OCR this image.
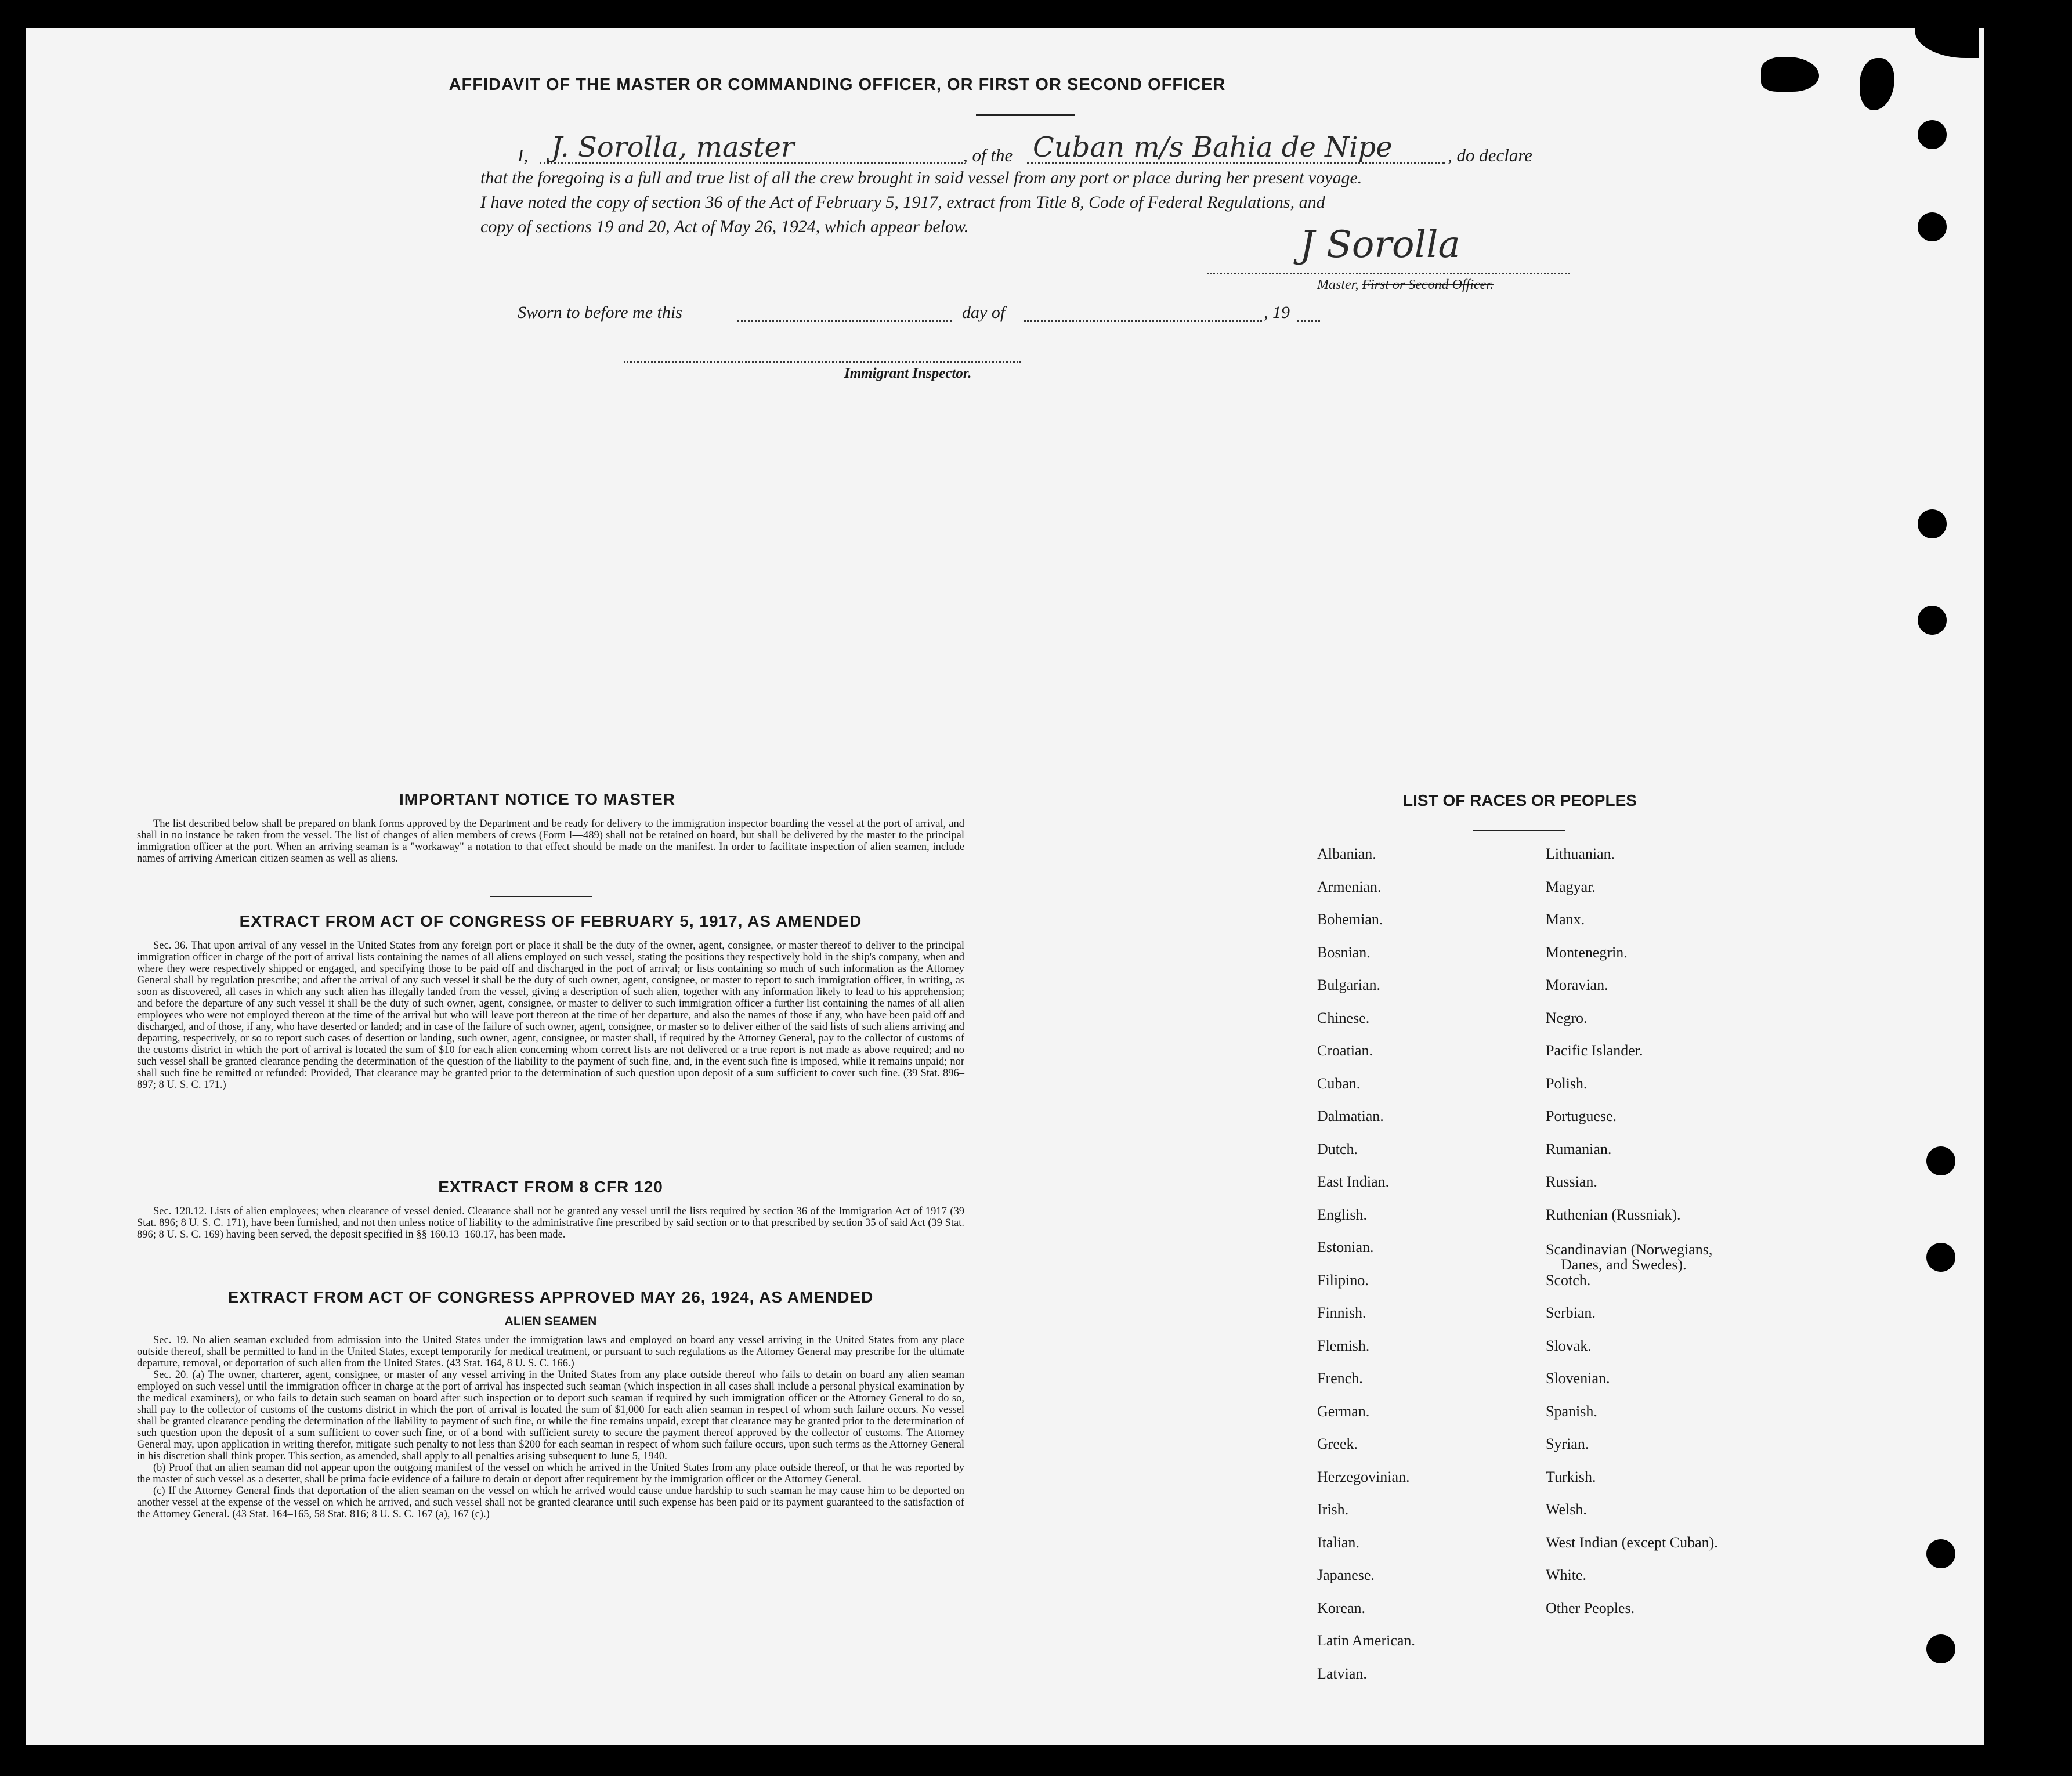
AFFIDAVIT OF THE MASTER OR COMMANDING OFFICER, OR FIRST OR SECOND OFFICER
I, J. Sorolla, master	, of the Cuban m/s Bahia de Nipe	, do declare
that the foregoing is a full and true list of all the crew brought in said vessel from any port or place during her present voyage.
I have noted the copy of section 36 of the Act of February 5, 1917, extract from Title 8, Code of Federal Regulations, and
copy of sections 19 and 20, Act of May 26, 1924, which appear below.	J Sorolla
Master, First or Second Officer.
Sworn to before me this	day of	, 19
Immigrant Inspector.
IMPORTANT NOTICE TO MASTER

The list described below shall be prepared on blank forms approved by the Department and be ready for delivery to the immigration inspector boarding the vessel at the port of arrival, and shall in no instance be taken from the vessel. The list of changes of alien members of crews (Form I—489) shall not be retained on board, but shall be delivered by the master to the principal immigration officer at the port. When an arriving seaman is a "workaway" a notation to that effect should be made on the manifest. In order to facilitate inspection of alien seamen, include names of arriving American citizen seamen as well as aliens.

EXTRACT FROM ACT OF CONGRESS OF FEBRUARY 5, 1917, AS AMENDED

Sec. 36. That upon arrival of any vessel in the United States from any foreign port or place it shall be the duty of the owner, agent, consignee, or master thereof to deliver to the principal immigration officer in charge of the port of arrival lists containing the names of all aliens employed on such vessel, stating the positions they respectively hold in the ship's company, when and where they were respectively shipped or engaged, and specifying those to be paid off and discharged in the port of arrival; or lists containing so much of such information as the Attorney General shall by regulation prescribe; and after the arrival of any such vessel it shall be the duty of such owner, agent, consignee, or master to report to such immigration officer, in writing, as soon as discovered, all cases in which any such alien has illegally landed from the vessel, giving a description of such alien, together with any information likely to lead to his apprehension; and before the departure of any such vessel it shall be the duty of such owner, agent, consignee, or master to deliver to such immigration officer a further list containing the names of all alien employees who were not employed thereon at the time of the arrival but who will leave port thereon at the time of her departure, and also the names of those if any, who have been paid off and discharged, and of those, if any, who have deserted or landed; and in case of the failure of such owner, agent, consignee, or master so to deliver either of the said lists of such aliens arriving and departing, respectively, or so to report such cases of desertion or landing, such owner, agent, consignee, or master shall, if required by the Attorney General, pay to the collector of customs of the customs district in which the port of arrival is located the sum of $10 for each alien concerning whom correct lists are not delivered or a true report is not made as above required; and no such vessel shall be granted clearance pending the determination of the question of the liability to the payment of such fine, and, in the event such fine is imposed, while it remains unpaid; nor shall such fine be remitted or refunded: Provided, That clearance may be granted prior to the determination of such question upon deposit of a sum sufficient to cover such fine. (39 Stat. 896–897; 8 U. S. C. 171.)

EXTRACT FROM 8 CFR 120

Sec. 120.12. Lists of alien employees; when clearance of vessel denied. Clearance shall not be granted any vessel until the lists required by section 36 of the Immigration Act of 1917 (39 Stat. 896; 8 U. S. C. 171), have been furnished, and not then unless notice of liability to the administrative fine prescribed by said section or to that prescribed by section 35 of said Act (39 Stat. 896; 8 U. S. C. 169) having been served, the deposit specified in §§ 160.13–160.17, has been made.

EXTRACT FROM ACT OF CONGRESS APPROVED MAY 26, 1924, AS AMENDED
ALIEN SEAMEN

Sec. 19. No alien seaman excluded from admission into the United States under the immigration laws and employed on board any vessel arriving in the United States from any place outside thereof, shall be permitted to land in the United States, except temporarily for medical treatment, or pursuant to such regulations as the Attorney General may prescribe for the ultimate departure, removal, or deportation of such alien from the United States. (43 Stat. 164, 8 U. S. C. 166.)

Sec. 20. (a) The owner, charterer, agent, consignee, or master of any vessel arriving in the United States from any place outside thereof who fails to detain on board any alien seaman employed on such vessel until the immigration officer in charge at the port of arrival has inspected such seaman (which inspection in all cases shall include a personal physical examination by the medical examiners), or who fails to detain such seaman on board after such inspection or to deport such seaman if required by such immigration officer or the Attorney General to do so, shall pay to the collector of customs of the customs district in which the port of arrival is located the sum of $1,000 for each alien seaman in respect of whom such failure occurs. No vessel shall be granted clearance pending the determination of the liability to payment of such fine, or while the fine remains unpaid, except that clearance may be granted prior to the determination of such question upon the deposit of a sum sufficient to cover such fine, or of a bond with sufficient surety to secure the payment thereof approved by the collector of customs. The Attorney General may, upon application in writing therefor, mitigate such penalty to not less than $200 for each seaman in respect of whom such failure occurs, upon such terms as the Attorney General in his discretion shall think proper. This section, as amended, shall apply to all penalties arising subsequent to June 5, 1940.

(b) Proof that an alien seaman did not appear upon the outgoing manifest of the vessel on which he arrived in the United States from any place outside thereof, or that he was reported by the master of such vessel as a deserter, shall be prima facie evidence of a failure to detain or deport after requirement by the immigration officer or the Attorney General.

(c) If the Attorney General finds that deportation of the alien seaman on the vessel on which he arrived would cause undue hardship to such seaman he may cause him to be deported on another vessel at the expense of the vessel on which he arrived, and such vessel shall not be granted clearance until such expense has been paid or its payment guaranteed to the satisfaction of the Attorney General. (43 Stat. 164–165, 58 Stat. 816; 8 U. S. C. 167 (a), 167 (c).)

LIST OF RACES OR PEOPLES
Albanian.
Armenian.
Bohemian.
Bosnian.
Bulgarian.
Chinese.
Croatian.
Cuban.
Dalmatian.
Dutch.
East Indian.
English.
Estonian.
Filipino.
Finnish.
Flemish.
French.
German.
Greek.
Herzegovinian.
Irish.
Italian.
Japanese.
Korean.
Latin American.
Latvian.
Lithuanian.
Magyar.
Manx.
Montenegrin.
Moravian.
Negro.
Pacific Islander.
Polish.
Portuguese.
Rumanian.
Russian.
Ruthenian (Russniak).
Scandinavian (Norwegians,
Danes, and Swedes).
Scotch.
Serbian.
Slovak.
Slovenian.
Spanish.
Syrian.
Turkish.
Welsh.
West Indian (except Cuban).
White.
Other Peoples.
